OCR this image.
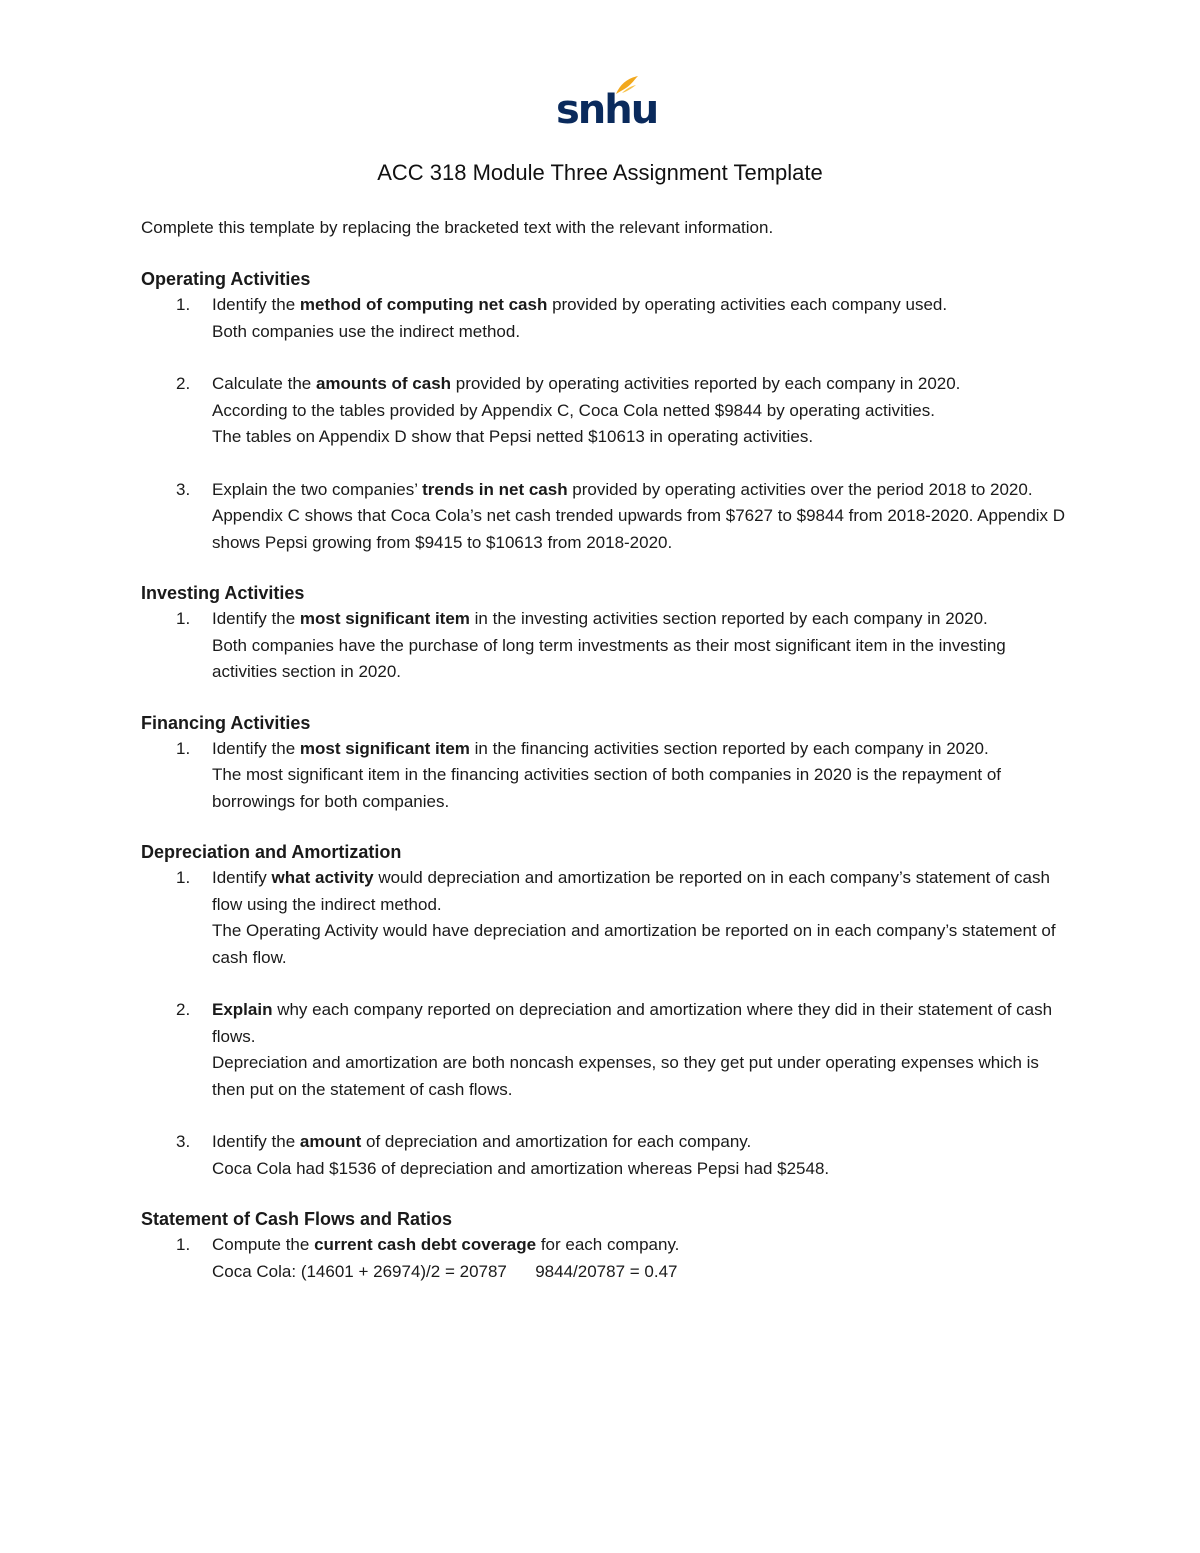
snhu
ACC 318 Module Three Assignment Template
Complete this template by replacing the bracketed text with the relevant information.
Operating Activities
1. Identify the method of computing net cash provided by operating activities each company used.
Both companies use the indirect method.
2. Calculate the amounts of cash provided by operating activities reported by each company in 2020.
According to the tables provided by Appendix C, Coca Cola netted $9844 by operating activities.
The tables on Appendix D show that Pepsi netted $10613 in operating activities.
3. Explain the two companies’ trends in net cash provided by operating activities over the period 2018 to 2020.
Appendix C shows that Coca Cola’s net cash trended upwards from $7627 to $9844 from 2018-2020. Appendix D shows Pepsi growing from $9415 to $10613 from 2018-2020.
Investing Activities
1. Identify the most significant item in the investing activities section reported by each company in 2020.
Both companies have the purchase of long term investments as their most significant item in the investing activities section in 2020.
Financing Activities
1. Identify the most significant item in the financing activities section reported by each company in 2020.
The most significant item in the financing activities section of both companies in 2020 is the repayment of borrowings for both companies.
Depreciation and Amortization
1. Identify what activity would depreciation and amortization be reported on in each company’s statement of cash flow using the indirect method.
The Operating Activity would have depreciation and amortization be reported on in each company’s statement of cash flow.
2. Explain why each company reported on depreciation and amortization where they did in their statement of cash flows.
Depreciation and amortization are both noncash expenses, so they get put under operating expenses which is then put on the statement of cash flows.
3. Identify the amount of depreciation and amortization for each company.
Coca Cola had $1536 of depreciation and amortization whereas Pepsi had $2548.
Statement of Cash Flows and Ratios
1. Compute the current cash debt coverage for each company.
Coca Cola: (14601 + 26974)/2 = 20787      9844/20787 = 0.47
